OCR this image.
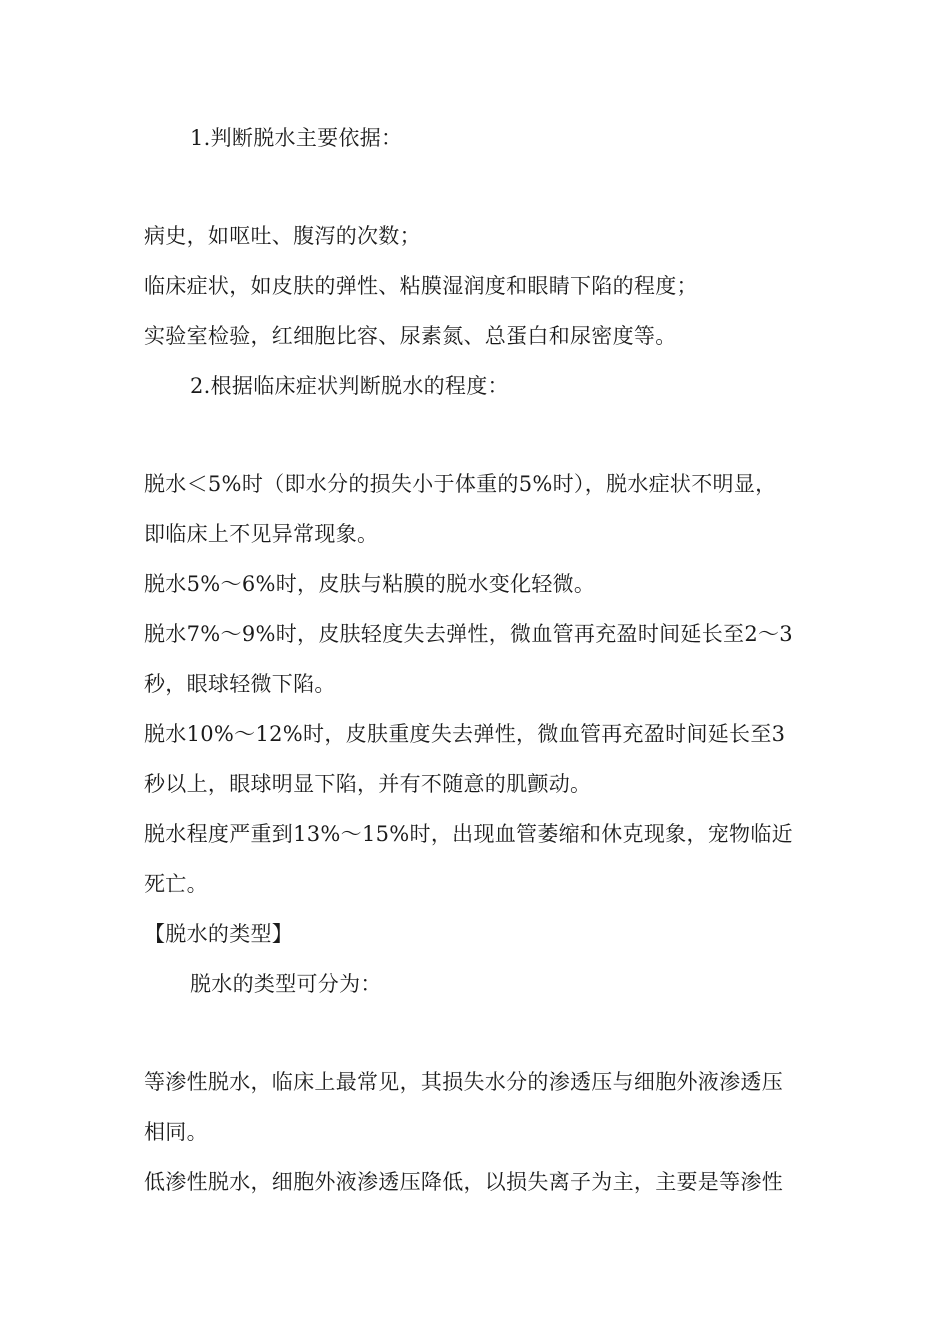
1.判断脱水主要依据：
病史，如呕吐、腹泻的次数；
临床症状，如皮肤的弹性、粘膜湿润度和眼睛下陷的程度；
实验室检验，红细胞比容、尿素氮、总蛋白和尿密度等。
2.根据临床症状判断脱水的程度：
脱水＜5%时（即水分的损失小于体重的5%时），脱水症状不明显，
即临床上不见异常现象。
脱水5%～6%时，皮肤与粘膜的脱水变化轻微。
脱水7%～9%时，皮肤轻度失去弹性，微血管再充盈时间延长至2～3
秒，眼球轻微下陷。
脱水10%～12%时，皮肤重度失去弹性，微血管再充盈时间延长至3
秒以上，眼球明显下陷，并有不随意的肌颤动。
脱水程度严重到13%～15%时，出现血管萎缩和休克现象，宠物临近
死亡。
【脱水的类型】
脱水的类型可分为：
等渗性脱水，临床上最常见，其损失水分的渗透压与细胞外液渗透压
相同。
低渗性脱水，细胞外液渗透压降低，以损失离子为主，主要是等渗性
